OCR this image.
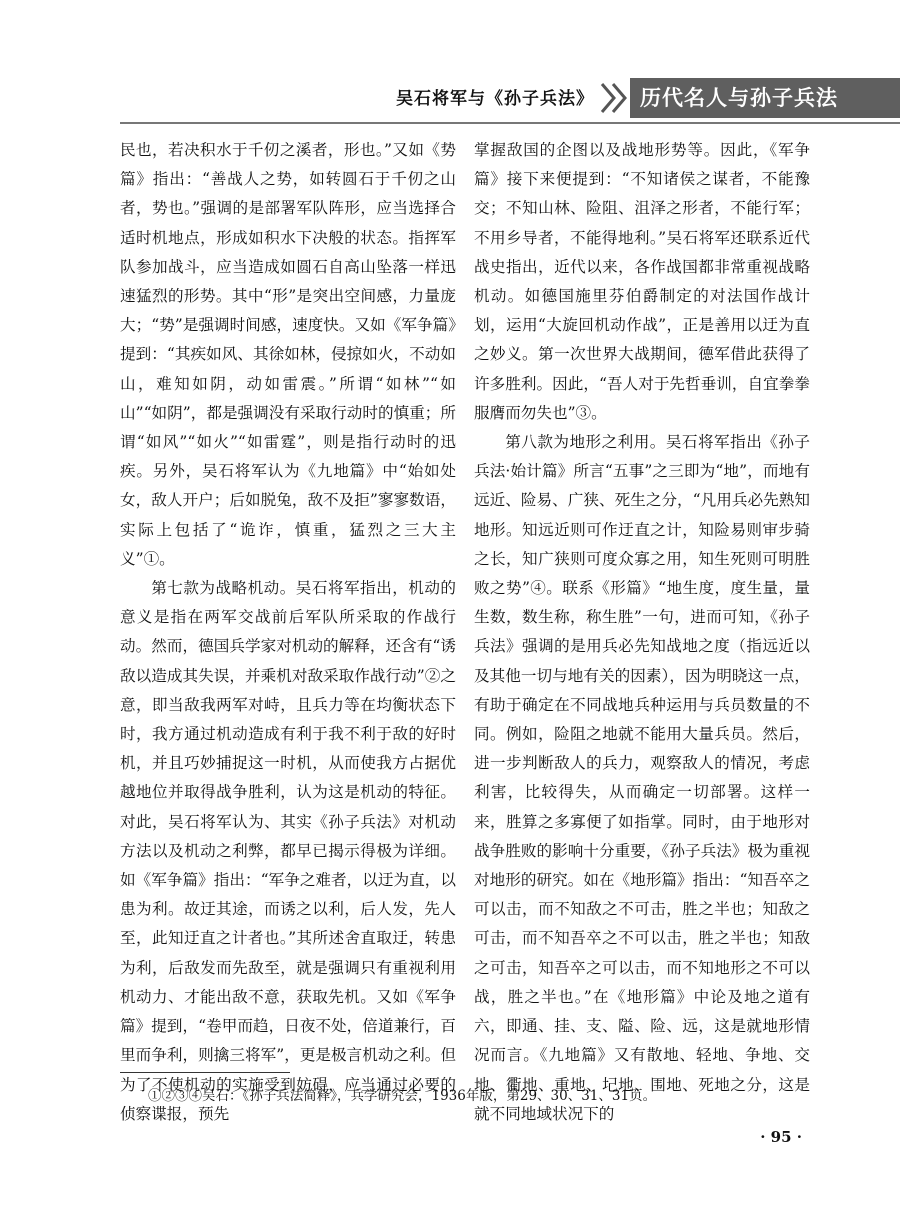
吴石将军与《孙子兵法》	历代名人与孙子兵法

民也，若决积水于千仞之溪者，形也。”又如《势篇》指出：“善战人之势，如转圆石于千仞之山者，势也。”强调的是部署军队阵形，应当选择合适时机地点，形成如积水下决般的状态。指挥军队参加战斗，应当造成如圆石自高山坠落一样迅速猛烈的形势。其中“形”是突出空间感，力量庞大；“势”是强调时间感，速度快。又如《军争篇》提到：“其疾如风、其徐如林，侵掠如火，不动如山，难知如阴，动如雷震。”所谓“如林”“如山”“如阴”，都是强调没有采取行动时的慎重；所谓“如风”“如火”“如雷霆”，则是指行动时的迅疾。另外，吴石将军认为《九地篇》中“始如处女，敌人开户；后如脱兔，敌不及拒”寥寥数语，实际上包括了“诡诈，慎重，猛烈之三大主义”①。

第七款为战略机动。吴石将军指出，机动的意义是指在两军交战前后军队所采取的作战行动。然而，德国兵学家对机动的解释，还含有“诱敌以造成其失误，并乘机对敌采取作战行动”②之意，即当敌我两军对峙，且兵力等在均衡状态下时，我方通过机动造成有利于我不利于敌的好时机，并且巧妙捕捉这一时机，从而使我方占据优越地位并取得战争胜利，认为这是机动的特征。对此，吴石将军认为、其实《孙子兵法》对机动方法以及机动之利弊，都早已揭示得极为详细。如《军争篇》指出：“军争之难者，以迂为直，以患为利。故迂其途，而诱之以利，后人发，先人至，此知迂直之计者也。”其所述舍直取迂，转患为利，后敌发而先敌至，就是强调只有重视利用机动力、才能出敌不意，获取先机。又如《军争篇》提到，“卷甲而趋，日夜不处，倍道兼行，百里而争利，则擒三将军”，更是极言机动之利。但为了不使机动的实施受到妨碍，应当通过必要的侦察谍报，预先

掌握敌国的企图以及战地形势等。因此，《军争篇》接下来便提到：“不知诸侯之谋者，不能豫交；不知山林、险阻、沮泽之形者，不能行军；不用乡导者，不能得地利。”吴石将军还联系近代战史指出，近代以来，各作战国都非常重视战略机动。如德国施里芬伯爵制定的对法国作战计划，运用“大旋回机动作战”，正是善用以迂为直之妙义。第一次世界大战期间，德军借此获得了许多胜利。因此，“吾人对于先哲垂训，自宜拳拳服膺而勿失也”③。

第八款为地形之利用。吴石将军指出《孙子兵法·始计篇》所言“五事”之三即为“地”，而地有远近、险易、广狭、死生之分，“凡用兵必先熟知地形。知远近则可作迂直之计，知险易则审步骑之长，知广狭则可度众寡之用，知生死则可明胜败之势”④。联系《形篇》“地生度，度生量，量生数，数生称，称生胜”一句，进而可知，《孙子兵法》强调的是用兵必先知战地之度（指远近以及其他一切与地有关的因素），因为明晓这一点，有助于确定在不同战地兵种运用与兵员数量的不同。例如，险阻之地就不能用大量兵员。然后，进一步判断敌人的兵力，观察敌人的情况，考虑利害，比较得失，从而确定一切部署。这样一来，胜算之多寡便了如指掌。同时，由于地形对战争胜败的影响十分重要，《孙子兵法》极为重视对地形的研究。如在《地形篇》指出：“知吾卒之可以击，而不知敌之不可击，胜之半也；知敌之可击，而不知吾卒之不可以击，胜之半也；知敌之可击，知吾卒之可以击，而不知地形之不可以战，胜之半也。”在《地形篇》中论及地之道有六，即通、挂、支、隘、险、远，这是就地形情况而言。《九地篇》又有散地、轻地、争地、交地、衢地、重地、圮地、围地、死地之分，这是就不同地域状况下的

①②③④吴石：《孙子兵法简释》，兵学研究会，1936年版，第29、30、31、31页。
· 95 ·
